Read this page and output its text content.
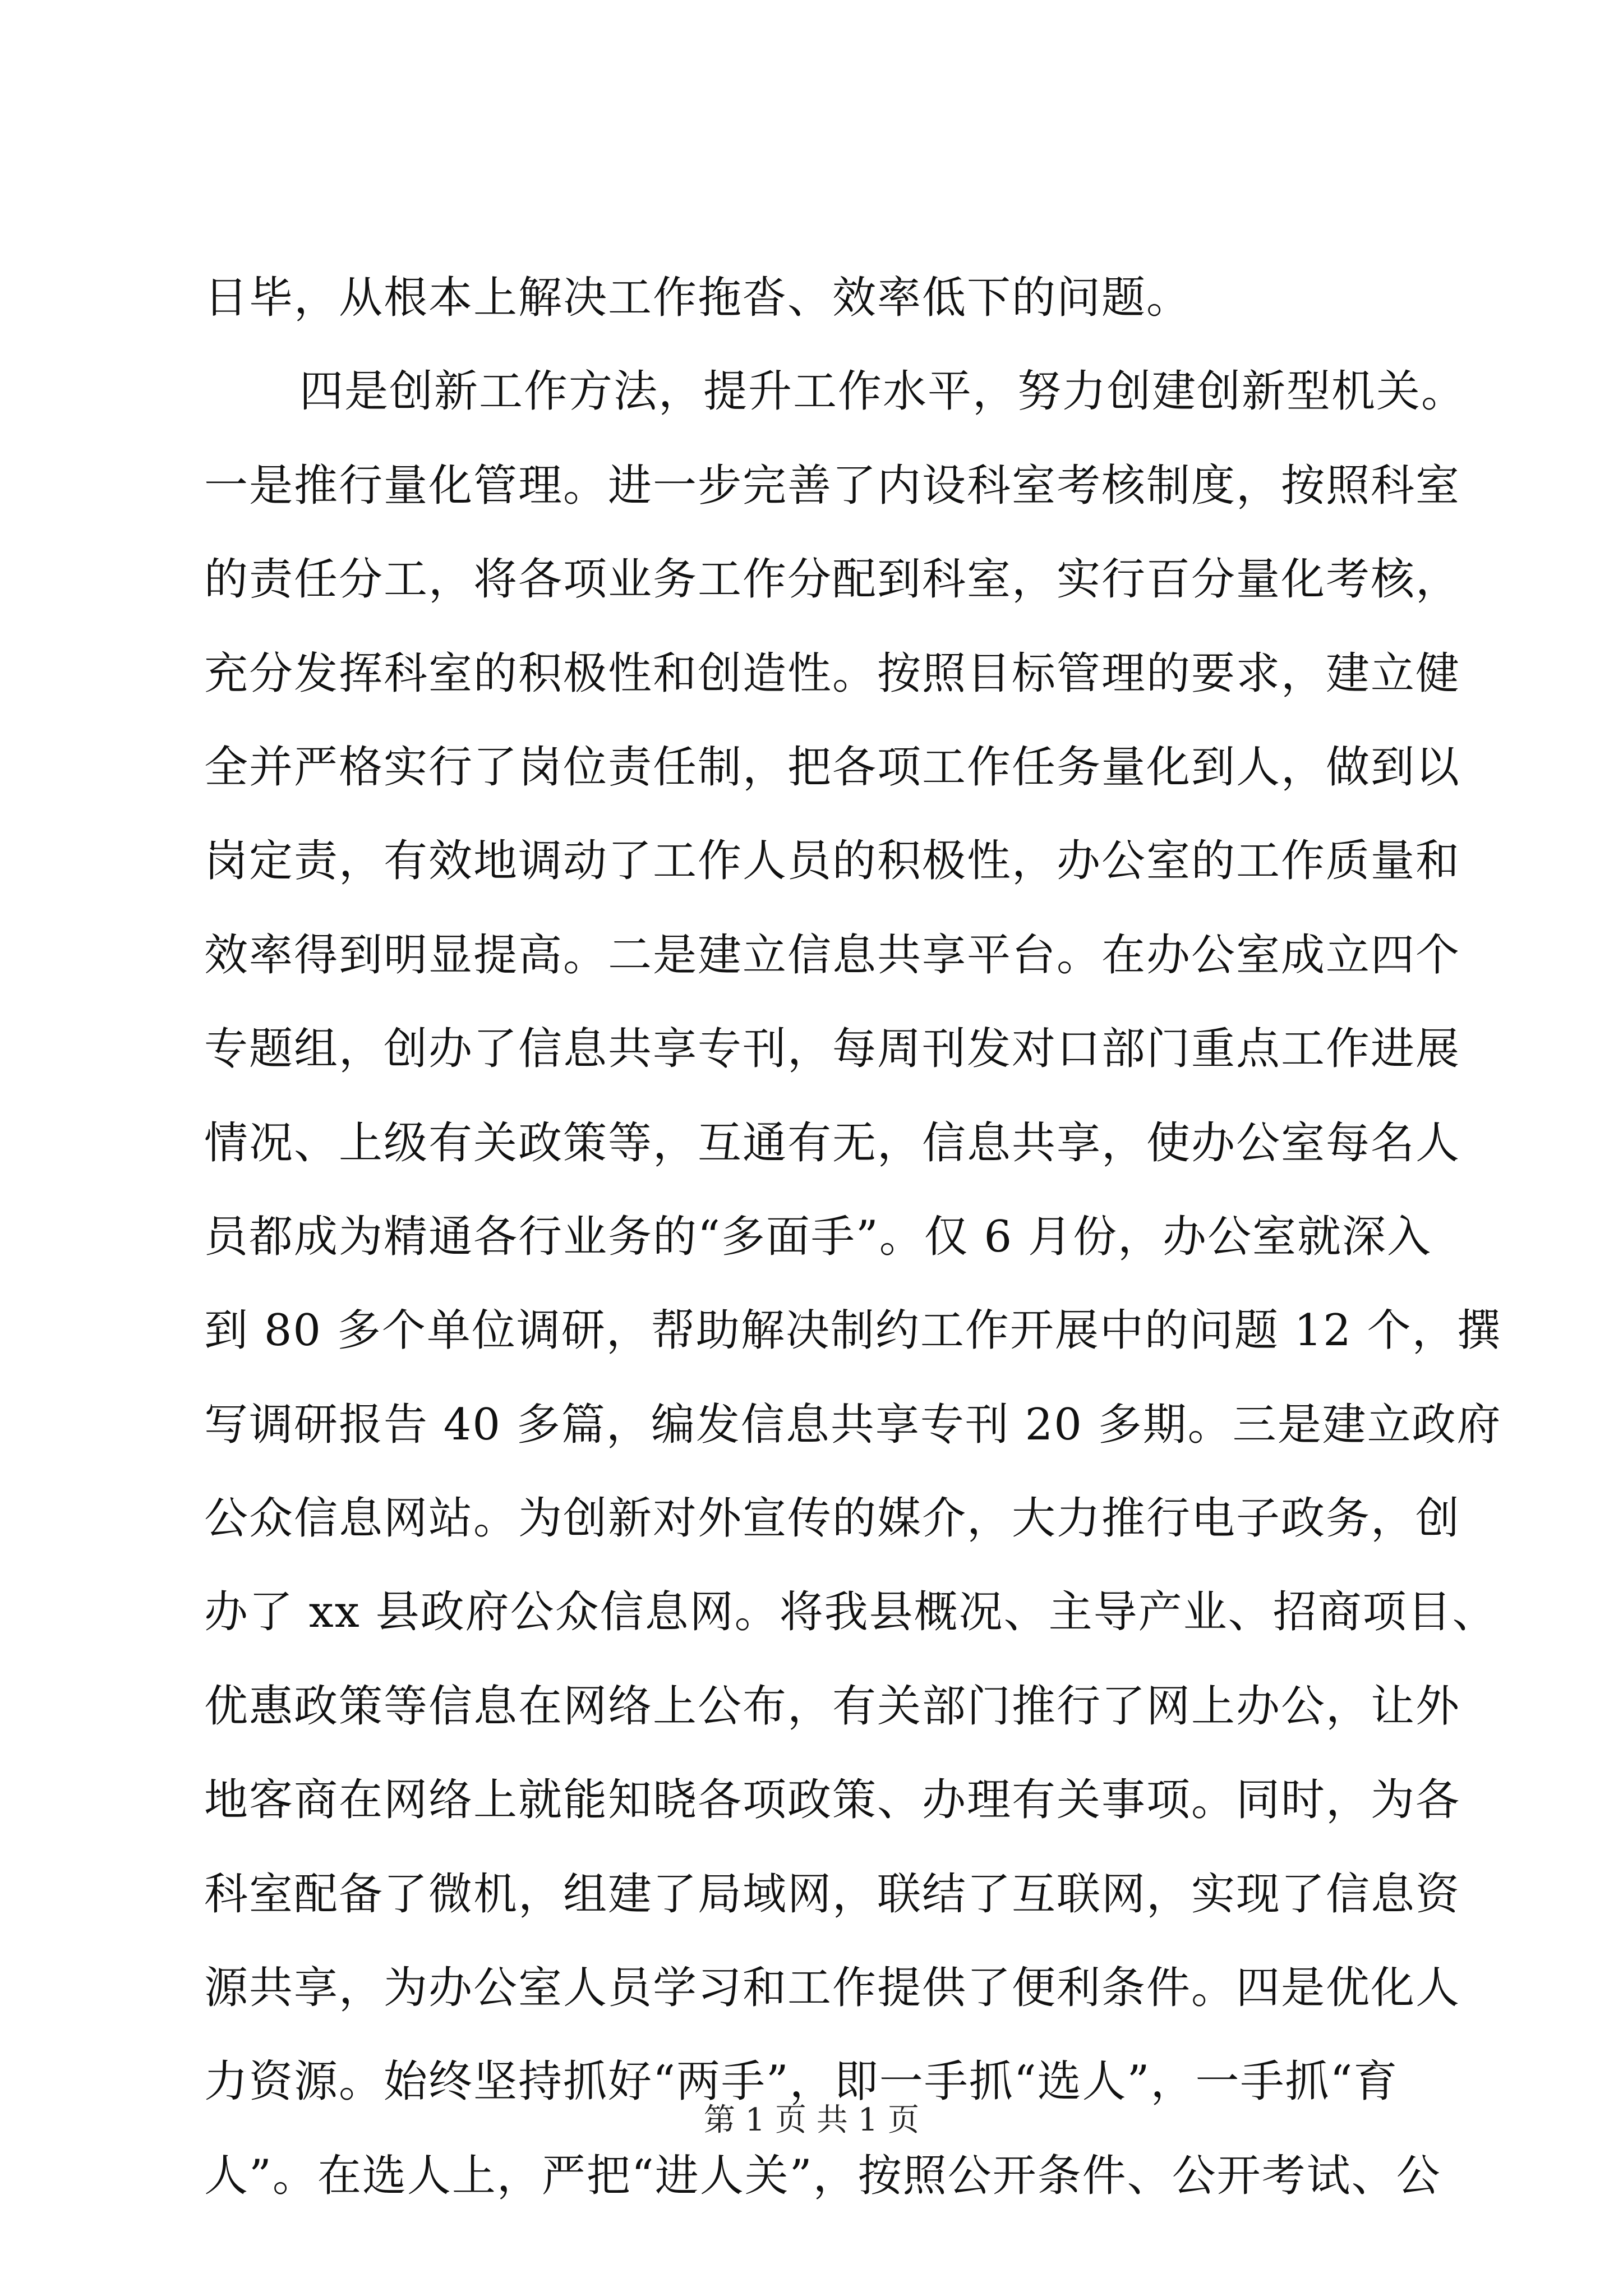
日毕，从根本上解决工作拖沓、效率低下的问题。
四是创新工作方法，提升工作水平，努力创建创新型机关。
一是推行量化管理。进一步完善了内设科室考核制度，按照科室
的责任分工，将各项业务工作分配到科室，实行百分量化考核，
充分发挥科室的积极性和创造性。按照目标管理的要求，建立健
全并严格实行了岗位责任制，把各项工作任务量化到人，做到以
岗定责，有效地调动了工作人员的积极性，办公室的工作质量和
效率得到明显提高。二是建立信息共享平台。在办公室成立四个
专题组，创办了信息共享专刊，每周刊发对口部门重点工作进展
情况、上级有关政策等，互通有无，信息共享，使办公室每名人
员都成为精通各行业务的“多面手”。仅 6 月份，办公室就深入
到 80 多个单位调研，帮助解决制约工作开展中的问题 12 个，撰
写调研报告 40 多篇，编发信息共享专刊 20 多期。三是建立政府
公众信息网站。为创新对外宣传的媒介，大力推行电子政务，创
办了 xx 县政府公众信息网。将我县概况、主导产业、招商项目、
优惠政策等信息在网络上公布，有关部门推行了网上办公，让外
地客商在网络上就能知晓各项政策、办理有关事项。同时，为各
科室配备了微机，组建了局域网，联结了互联网，实现了信息资
源共享，为办公室人员学习和工作提供了便利条件。四是优化人
力资源。始终坚持抓好“两手”，即一手抓“选人”，一手抓“育
人”。在选人上，严把“进人关”，按照公开条件、公开考试、公
第 1 页 共 1 页
